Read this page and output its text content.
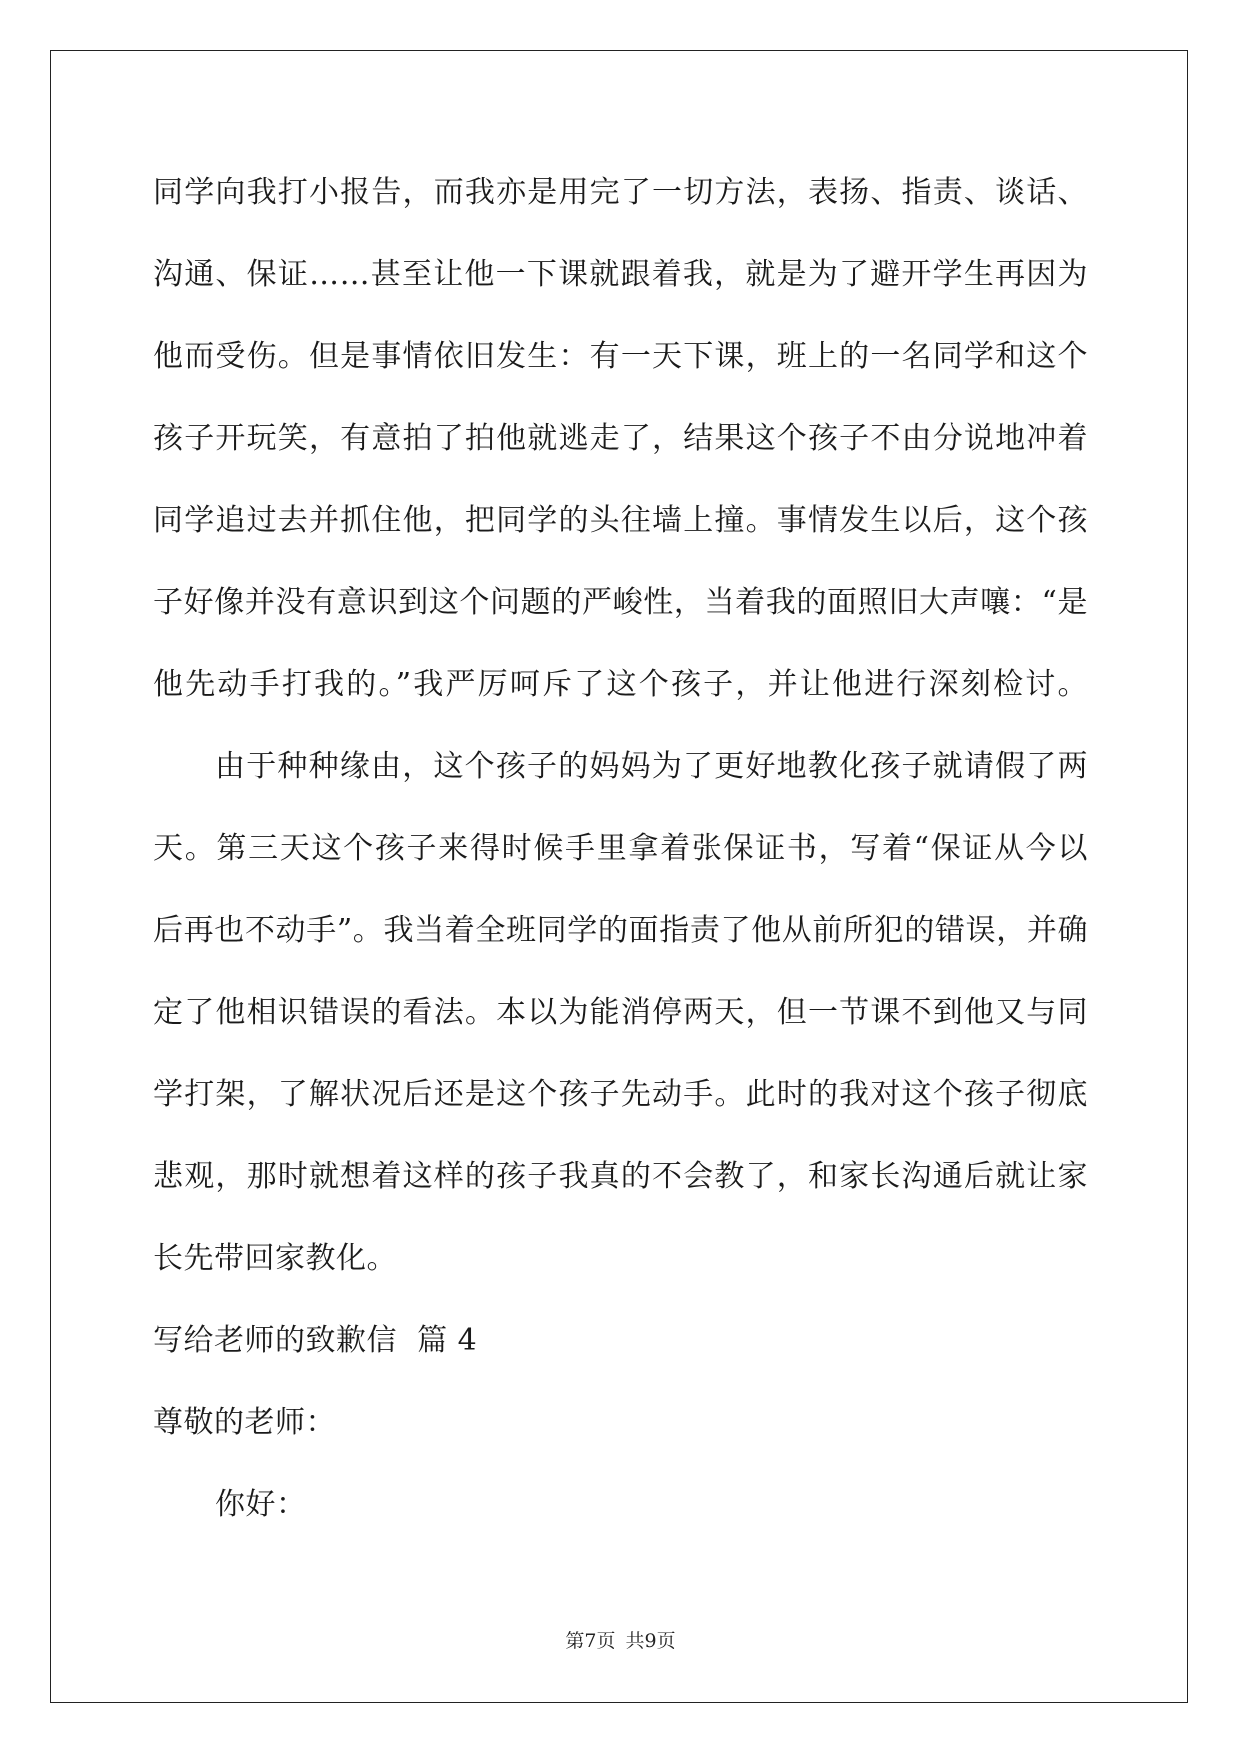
同学向我打小报告，而我亦是用完了一切方法，表扬、指责、谈话、
沟通、保证……甚至让他一下课就跟着我，就是为了避开学生再因为
他而受伤。但是事情依旧发生：有一天下课，班上的一名同学和这个
孩子开玩笑，有意拍了拍他就逃走了，结果这个孩子不由分说地冲着
同学追过去并抓住他，把同学的头往墙上撞。事情发生以后，这个孩
子好像并没有意识到这个问题的严峻性，当着我的面照旧大声嚷：“是
他先动手打我的。”我严厉呵斥了这个孩子，并让他进行深刻检讨。
由于种种缘由，这个孩子的妈妈为了更好地教化孩子就请假了两
天。第三天这个孩子来得时候手里拿着张保证书，写着“保证从今以
后再也不动手”。我当着全班同学的面指责了他从前所犯的错误，并确
定了他相识错误的看法。本以为能消停两天，但一节课不到他又与同
学打架，了解状况后还是这个孩子先动手。此时的我对这个孩子彻底
悲观，那时就想着这样的孩子我真的不会教了，和家长沟通后就让家
长先带回家教化。
写给老师的致歉信  篇 4
尊敬的老师：
你好：
第7页 共9页
